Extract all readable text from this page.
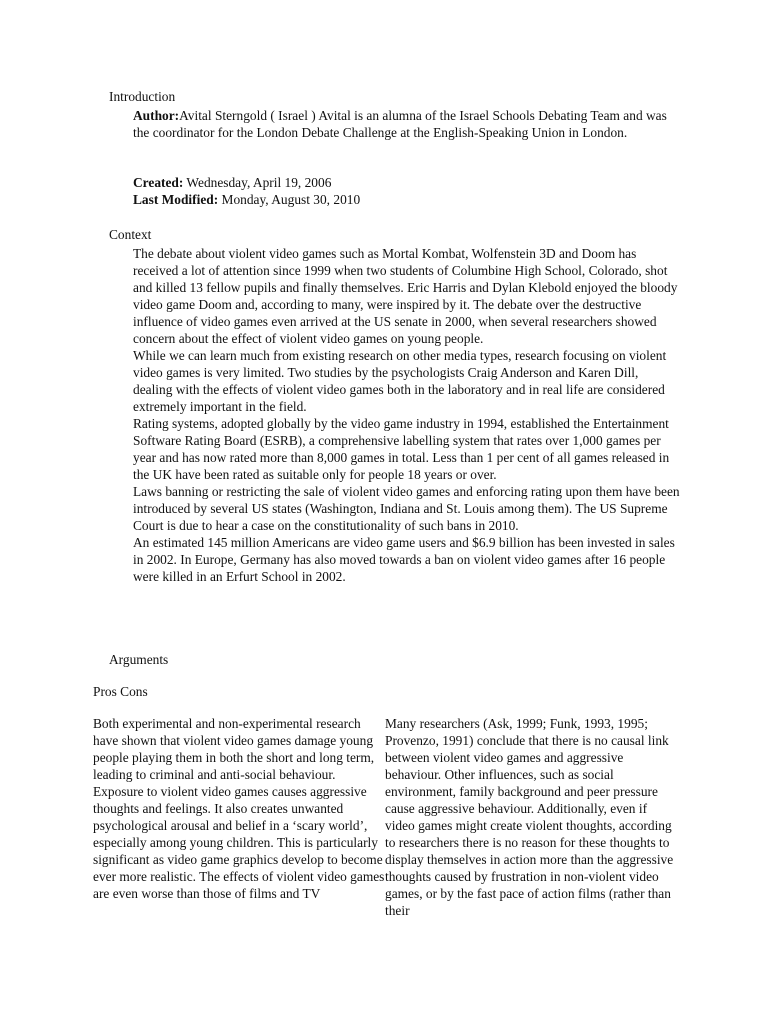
Introduction

Author:Avital Sterngold ( Israel ) Avital is an alumna of the Israel Schools Debating Team and was the coordinator for the London Debate Challenge at the English-Speaking Union in London.

Created: Wednesday, April 19, 2006

Last Modified: Monday, August 30, 2010

Context

The debate about violent video games such as Mortal Kombat, Wolfenstein 3D and Doom has received a lot of attention since 1999 when two students of Columbine High School, Colorado, shot and killed 13 fellow pupils and finally themselves. Eric Harris and Dylan Klebold enjoyed the bloody video game Doom and, according to many, were inspired by it. The debate over the destructive influence of video games even arrived at the US senate in 2000, when several researchers showed concern about the effect of violent video games on young people.

While we can learn much from existing research on other media types, research focusing on violent video games is very limited. Two studies by the psychologists Craig Anderson and Karen Dill, dealing with the effects of violent video games both in the laboratory and in real life are considered extremely important in the field.

Rating systems, adopted globally by the video game industry in 1994, established the Entertainment Software Rating Board (ESRB), a comprehensive labelling system that rates over 1,000 games per year and has now rated more than 8,000 games in total. Less than 1 per cent of all games released in the UK have been rated as suitable only for people 18 years or over.

Laws banning or restricting the sale of violent video games and enforcing rating upon them have been introduced by several US states (Washington, Indiana and St. Louis among them). The US Supreme Court is due to hear a case on the constitutionality of such bans in 2010.

An estimated 145 million Americans are video game users and $6.9 billion has been invested in sales in 2002. In Europe, Germany has also moved towards a ban on violent video games after 16 people were killed in an Erfurt School in 2002.

Arguments
Pros Cons

Both experimental and non-experimental research have shown that violent video games damage young people playing them in both the short and long term, leading to criminal and anti-social behaviour. Exposure to violent video games causes aggressive thoughts and feelings. It also creates unwanted psychological arousal and belief in a ‘scary world’, especially among young children. This is particularly significant as video game graphics develop to become ever more realistic. The effects of violent video games are even worse than those of films and TV

Many researchers (Ask, 1999; Funk, 1993, 1995; Provenzo, 1991) conclude that there is no causal link between violent video games and aggressive behaviour. Other influences, such as social environment, family background and peer pressure cause aggressive behaviour. Additionally, even if video games might create violent thoughts, according to researchers there is no reason for these thoughts to display themselves in action more than the aggressive thoughts caused by frustration in non-violent video games, or by the fast pace of action films (rather than their
